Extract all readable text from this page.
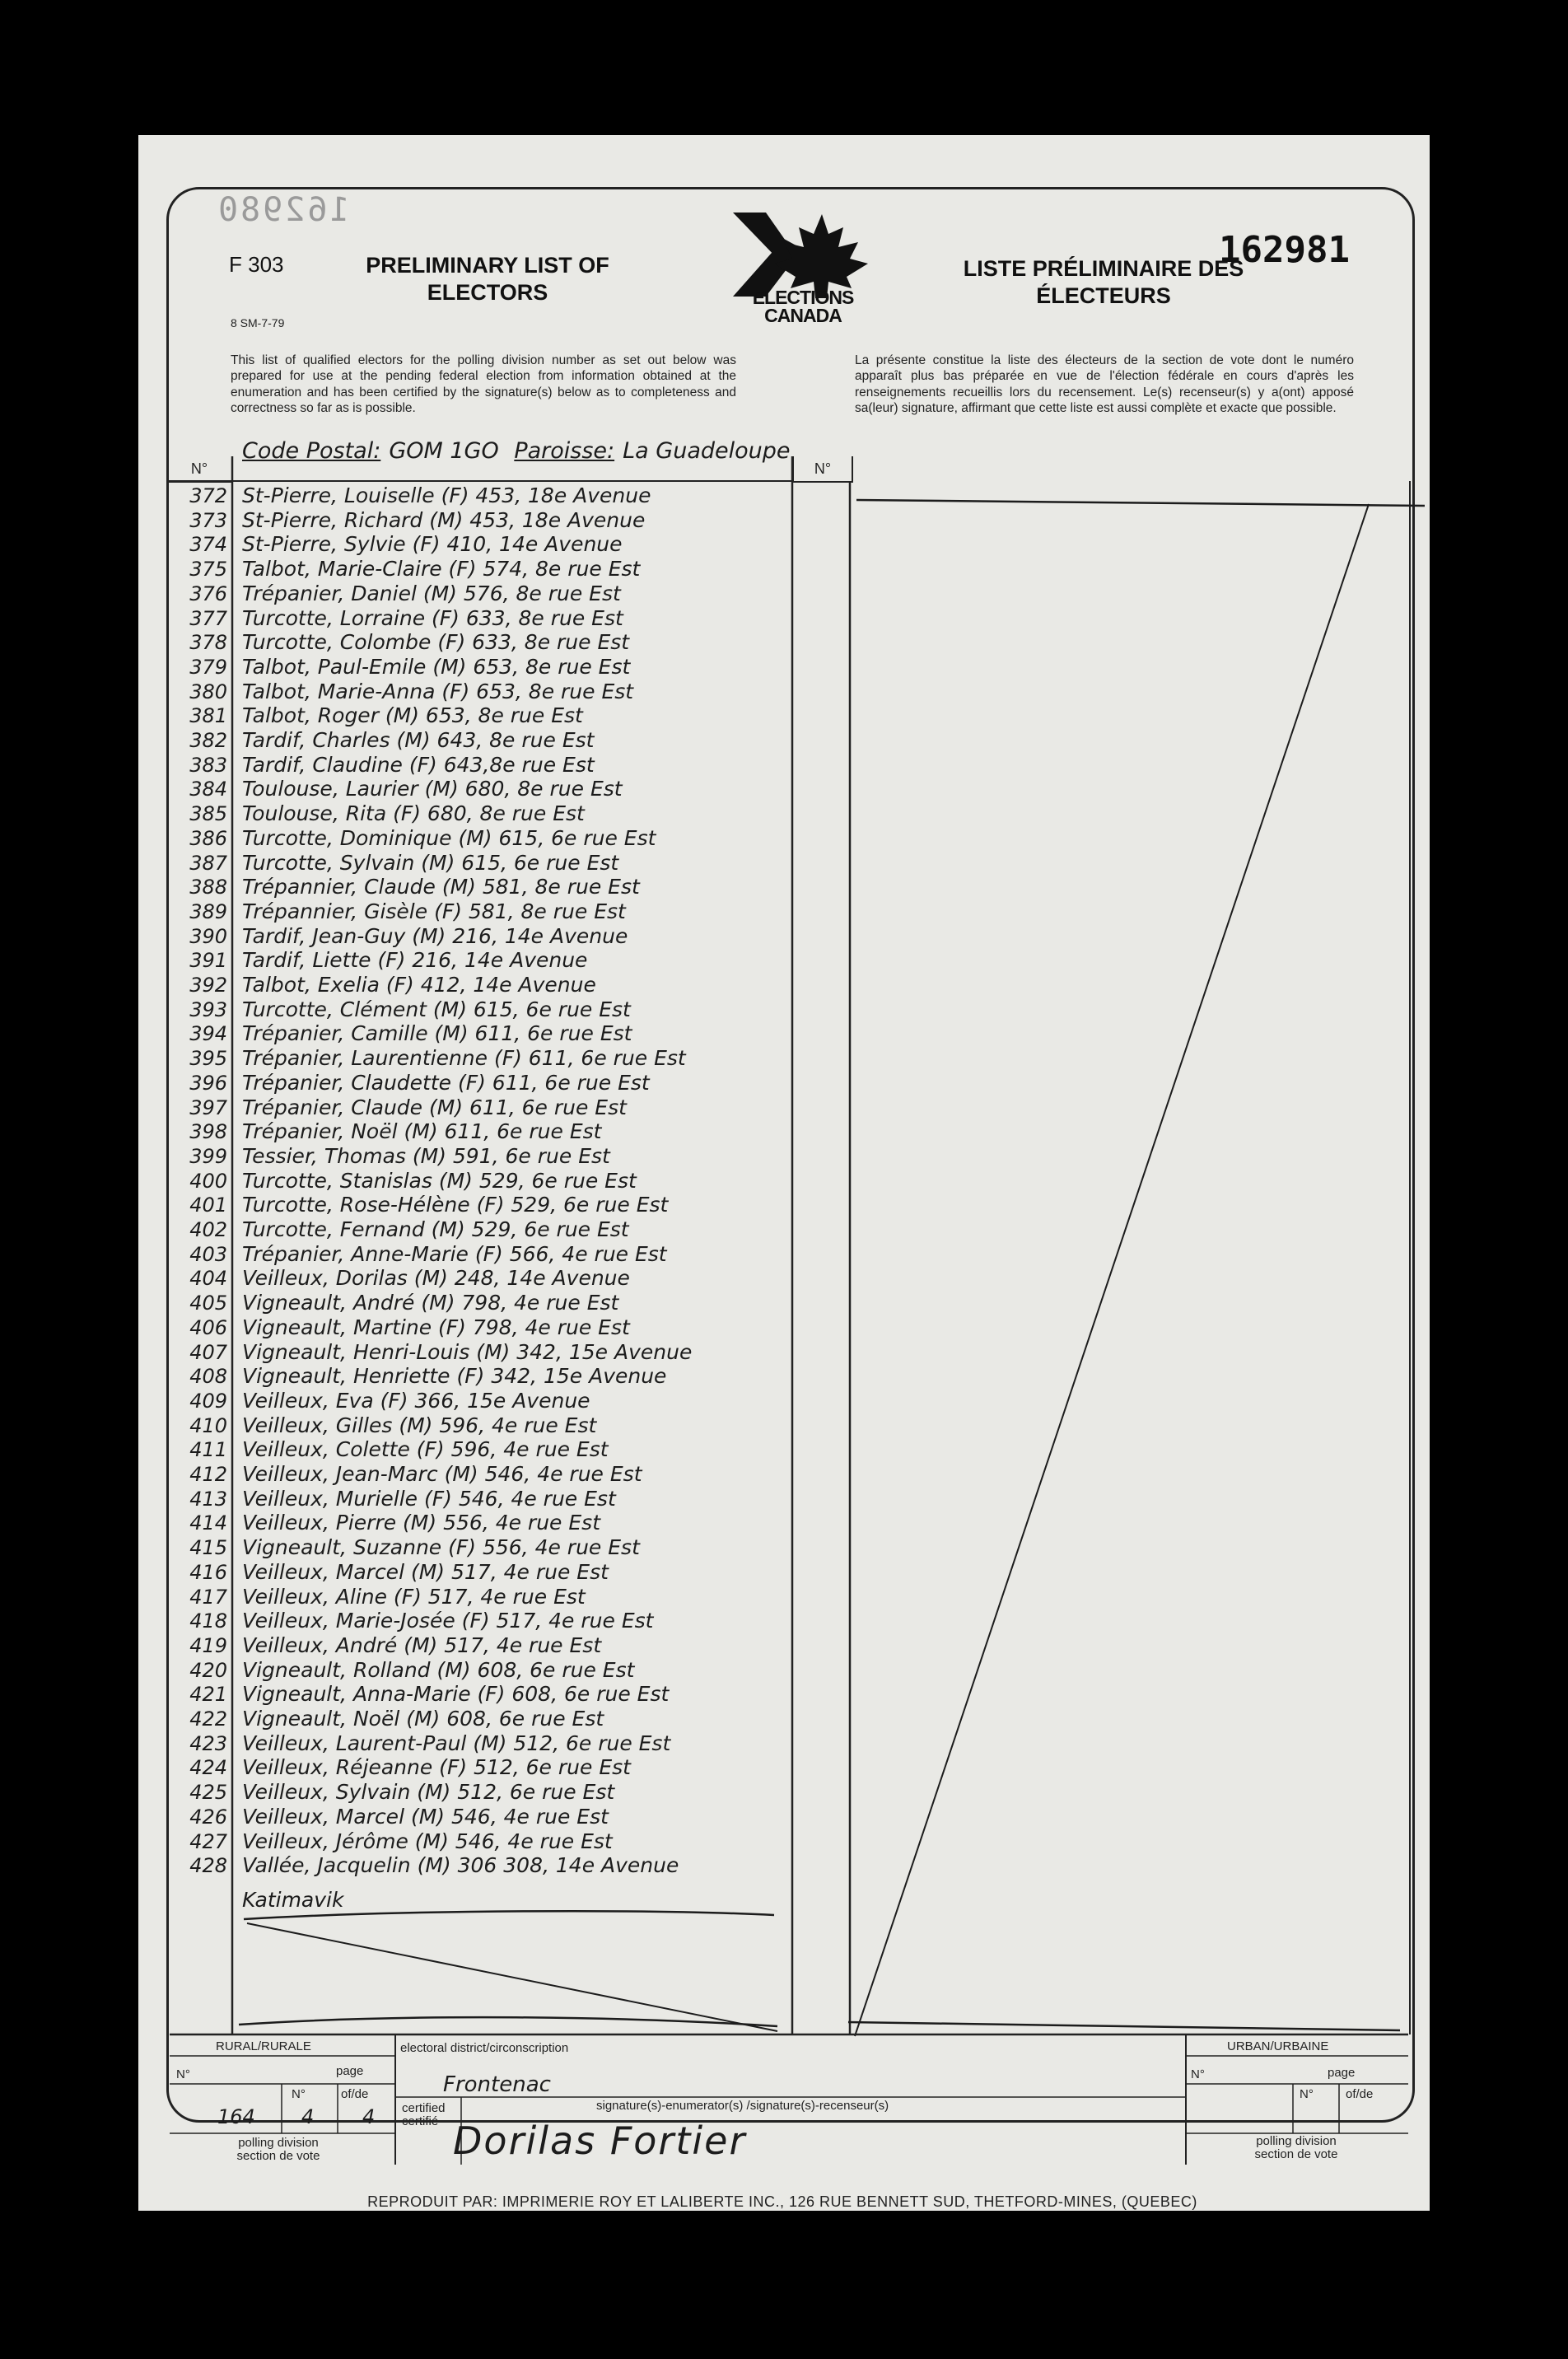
162980
F 303
8 SM-7-79
PRELIMINARY LIST OF ELECTORS	ELECTIONS CANADA
LISTE PRÉLIMINAIRE DES ÉLECTEURS
162981
This list of qualified electors for the polling division number as set out below was prepared for use at the pending federal election from information obtained at the enumeration and has been certified by the signature(s) below as to completeness and correctness so far as is possible.
La présente constitue la liste des électeurs de la section de vote dont le numéro apparaît plus bas préparée en vue de l'élection fédérale en cours d'après les renseignements recueillis lors du recensement. Le(s) recenseur(s) y a(ont) apposé sa(leur) signature, affirmant que cette liste est aussi complète et exacte que possible.
Code Postal: GOM 1GO Paroisse: La Guadeloupe
N°	N°
372 St-Pierre, Louiselle (F) 453, 18e Avenue
373 St-Pierre, Richard (M) 453, 18e Avenue
374 St-Pierre, Sylvie (F) 410, 14e Avenue
375 Talbot, Marie-Claire (F) 574, 8e rue Est
376 Trépanier, Daniel (M) 576, 8e rue Est
377 Turcotte, Lorraine (F) 633, 8e rue Est
378 Turcotte, Colombe (F) 633, 8e rue Est
379 Talbot, Paul-Emile (M) 653, 8e rue Est
380 Talbot, Marie-Anna (F) 653, 8e rue Est
381 Talbot, Roger (M) 653, 8e rue Est
382 Tardif, Charles (M) 643, 8e rue Est
383 Tardif, Claudine (F) 643,8e rue Est
384 Toulouse, Laurier (M) 680, 8e rue Est
385 Toulouse, Rita (F) 680, 8e rue Est
386 Turcotte, Dominique (M) 615, 6e rue Est
387 Turcotte, Sylvain (M) 615, 6e rue Est
388 Trépannier, Claude (M) 581, 8e rue Est
389 Trépannier, Gisèle (F) 581, 8e rue Est
390 Tardif, Jean-Guy (M) 216, 14e Avenue
391 Tardif, Liette (F) 216, 14e Avenue
392 Talbot, Exelia (F) 412, 14e Avenue
393 Turcotte, Clément (M) 615, 6e rue Est
394 Trépanier, Camille (M) 611, 6e rue Est
395 Trépanier, Laurentienne (F) 611, 6e rue Est
396 Trépanier, Claudette (F) 611, 6e rue Est
397 Trépanier, Claude (M) 611, 6e rue Est
398 Trépanier, Noël (M) 611, 6e rue Est
399 Tessier, Thomas (M) 591, 6e rue Est
400 Turcotte, Stanislas (M) 529, 6e rue Est
401 Turcotte, Rose-Hélène (F) 529, 6e rue Est
402 Turcotte, Fernand (M) 529, 6e rue Est
403 Trépanier, Anne-Marie (F) 566, 4e rue Est
404 Veilleux, Dorilas (M) 248, 14e Avenue
405 Vigneault, André (M) 798, 4e rue Est
406 Vigneault, Martine (F) 798, 4e rue Est
407 Vigneault, Henri-Louis (M) 342, 15e Avenue
408 Vigneault, Henriette (F) 342, 15e Avenue
409 Veilleux, Eva (F) 366, 15e Avenue
410 Veilleux, Gilles (M) 596, 4e rue Est
411 Veilleux, Colette (F) 596, 4e rue Est
412 Veilleux, Jean-Marc (M) 546, 4e rue Est
413 Veilleux, Murielle (F) 546, 4e rue Est
414 Veilleux, Pierre (M) 556, 4e rue Est
415 Vigneault, Suzanne (F) 556, 4e rue Est
416 Veilleux, Marcel (M) 517, 4e rue Est
417 Veilleux, Aline (F) 517, 4e rue Est
418 Veilleux, Marie-Josée (F) 517, 4e rue Est
419 Veilleux, André (M) 517, 4e rue Est
420 Vigneault, Rolland (M) 608, 6e rue Est
421 Vigneault, Anna-Marie (F) 608, 6e rue Est
422 Vigneault, Noël (M) 608, 6e rue Est
423 Veilleux, Laurent-Paul (M) 512, 6e rue Est
424 Veilleux, Réjeanne (F) 512, 6e rue Est
425 Veilleux, Sylvain (M) 512, 6e rue Est
426 Veilleux, Marcel (M) 546, 4e rue Est
427 Veilleux, Jérôme (M) 546, 4e rue Est
428 Vallée, Jacquelin (M) 306 308, 14e Avenue
Katimavik
RURAL/RURALE	electoral district/circonscription	URBAN/URBAINE
N°	page	N°	page
N°	of/de	N°	of/de
164 4 4
Frontenac
certified certifié
signature(s)-enumerator(s) /signature(s)-recenseur(s)
Dorilas Fortier
polling division section de vote
polling division section de vote
REPRODUIT PAR: IMPRIMERIE ROY ET LALIBERTE INC., 126 RUE BENNETT SUD, THETFORD-MINES, (QUEBEC)
